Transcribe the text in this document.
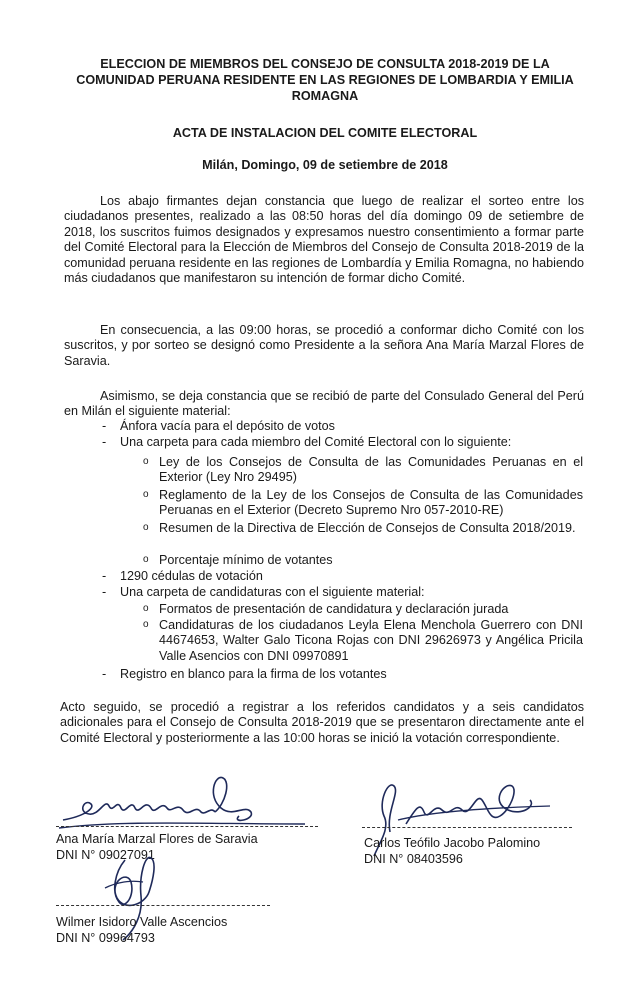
ELECCION DE MIEMBROS DEL CONSEJO DE CONSULTA 2018-2019 DE LA
COMUNIDAD PERUANA RESIDENTE EN LAS REGIONES DE LOMBARDIA Y EMILIA
ROMAGNA
ACTA DE INSTALACION DEL COMITE ELECTORAL
Milán, Domingo, 09 de setiembre de 2018
Los abajo firmantes dejan constancia que luego de realizar el sorteo entre los ciudadanos presentes, realizado a las 08:50 horas del día domingo 09 de setiembre de 2018, los suscritos fuimos designados y expresamos nuestro consentimiento a formar parte del Comité Electoral para la Elección de Miembros del Consejo de Consulta 2018-2019 de la comunidad peruana residente en las regiones de Lombardía y Emilia Romagna, no habiendo más ciudadanos que manifestaron su intención de formar dicho Comité.
En consecuencia, a las 09:00 horas, se procedió a conformar dicho Comité con los suscritos, y por sorteo se designó como Presidente a la señora Ana María Marzal Flores de Saravia.
Asimismo, se deja constancia que se recibió de parte del Consulado General del Perú en Milán el siguiente material:
- Ánfora vacía para el depósito de votos
- Una carpeta para cada miembro del Comité Electoral con lo siguiente:
o Ley de los Consejos de Consulta de las Comunidades Peruanas en el Exterior (Ley Nro 29495)
o Reglamento de la Ley de los Consejos de Consulta de las Comunidades Peruanas en el Exterior (Decreto Supremo Nro 057-2010-RE)
o Resumen de la Directiva de Elección de Consejos de Consulta 2018/2019.
o Porcentaje mínimo de votantes
- 1290 cédulas de votación
- Una carpeta de candidaturas con el siguiente material:
o Formatos de presentación de candidatura y declaración jurada
o Candidaturas de los ciudadanos Leyla Elena Menchola Guerrero con DNI 44674653, Walter Galo Ticona Rojas con DNI 29626973 y Angélica Pricila Valle Asencios con DNI 09970891
- Registro en blanco para la firma de los votantes
Acto seguido, se procedió a registrar a los referidos candidatos y a seis candidatos adicionales para el Consejo de Consulta 2018-2019 que se presentaron directamente ante el Comité Electoral y posteriormente a las 10:00 horas se inició la votación correspondiente.
Ana María Marzal Flores de Saravia
DNI N° 09027091
Carlos Teófilo Jacobo Palomino
DNI N° 08403596
Wilmer Isidoro Valle Ascencios
DNI N° 09964793
